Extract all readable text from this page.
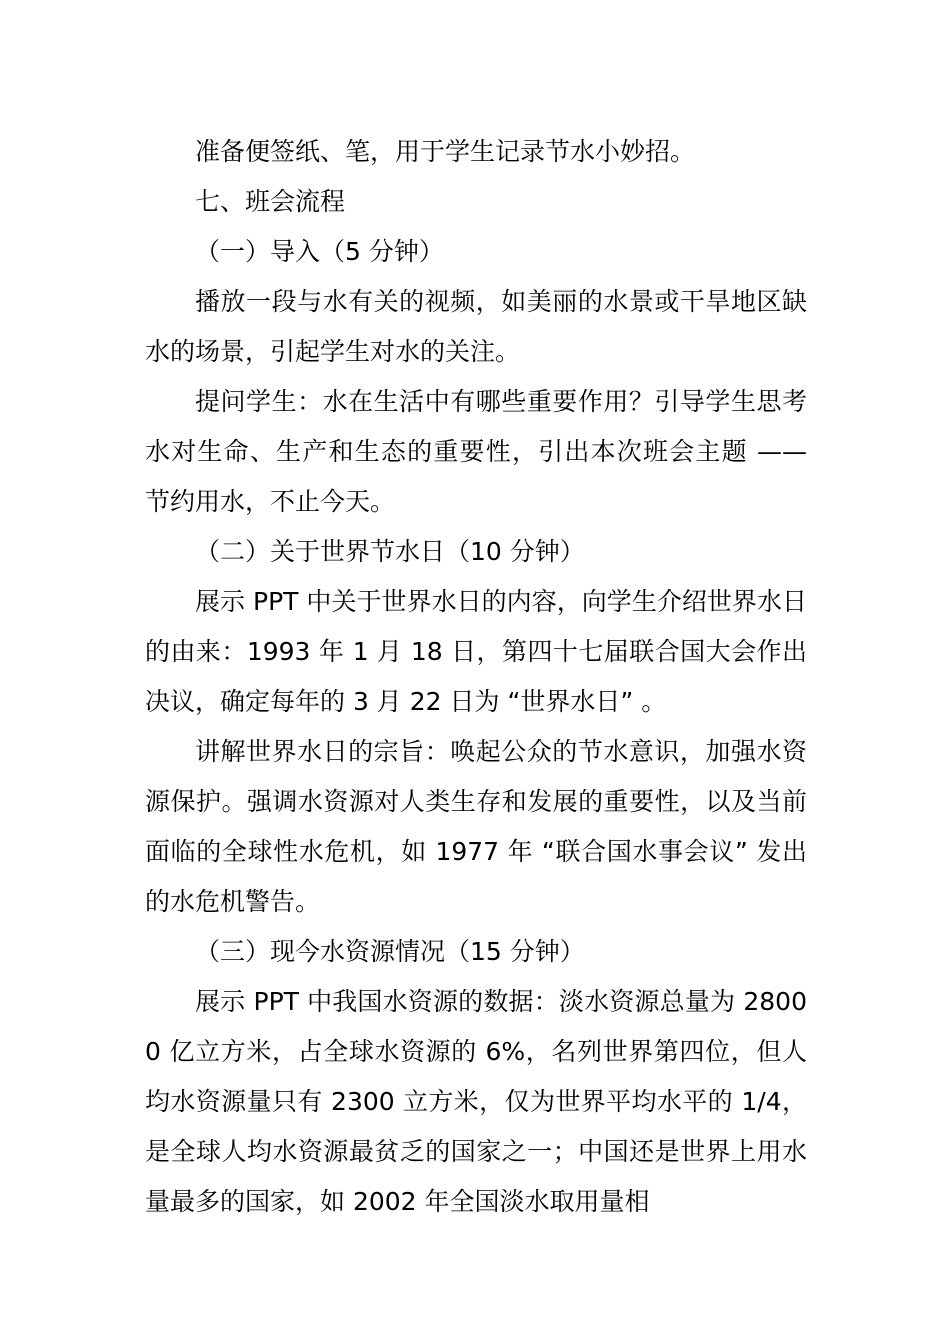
准备便签纸、笔，用于学生记录节水小妙招。

七、班会流程

（一）导入（5 分钟）

播放一段与水有关的视频，如美丽的水景或干旱地区缺水的场景，引起学生对水的关注。

提问学生：水在生活中有哪些重要作用？引导学生思考水对生命、生产和生态的重要性，引出本次班会主题 —— 节约用水，不止今天。

（二）关于世界节水日（10 分钟）

展示 PPT 中关于世界水日的内容，向学生介绍世界水日的由来：1993 年 1 月 18 日，第四十七届联合国大会作出决议，确定每年的 3 月 22 日为 “世界水日” 。

讲解世界水日的宗旨：唤起公众的节水意识，加强水资源保护。强调水资源对人类生存和发展的重要性，以及当前面临的全球性水危机，如 1977 年 “联合国水事会议” 发出的水危机警告。

（三）现今水资源情况（15 分钟）

展示 PPT 中我国水资源的数据：淡水资源总量为 28000 亿立方米，占全球水资源的 6%，名列世界第四位，但人均水资源量只有 2300 立方米，仅为世界平均水平的 1/4，是全球人均水资源最贫乏的国家之一；中国还是世界上用水量最多的国家，如 2002 年全国淡水取用量相
